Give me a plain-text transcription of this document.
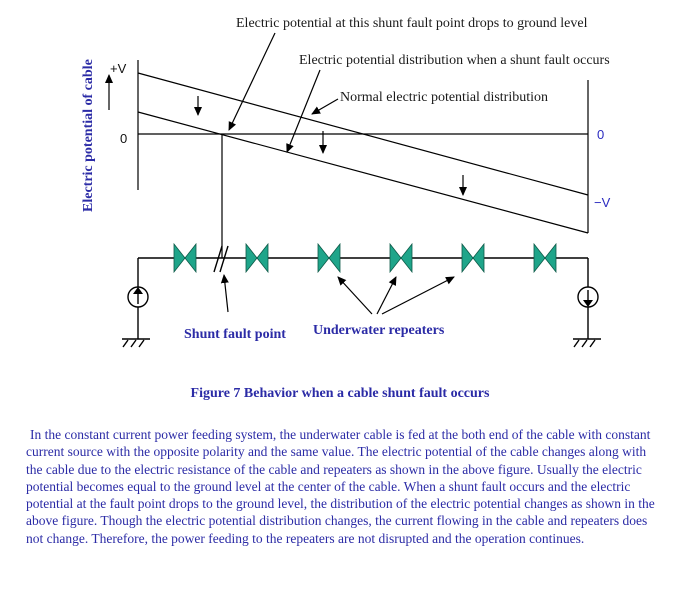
Electric potential of cable +V
0	0
−V
Electric potential at this shunt fault point drops to ground level
Electric potential distribution when a shunt fault occurs
Normal electric potential distribution
Shunt fault point Underwater repeaters
Figure 7 Behavior when a cable shunt fault occurs
In the constant current power feeding system, the underwater cable is fed at the both end of the cable with constant current source with the opposite polarity and the same value. The electric potential of the cable changes along with the cable due to the electric resistance of the cable and repeaters as shown in the above figure. Usually the electric potential becomes equal to the ground level at the center of the cable. When a shunt fault occurs and the electric potential at the fault point drops to the ground level, the distribution of the electric potential changes as shown in the above figure. Though the electric potential distribution changes, the current flowing in the cable and repeaters does not change. Therefore, the power feeding to the repeaters are not disrupted and the operation continues.
